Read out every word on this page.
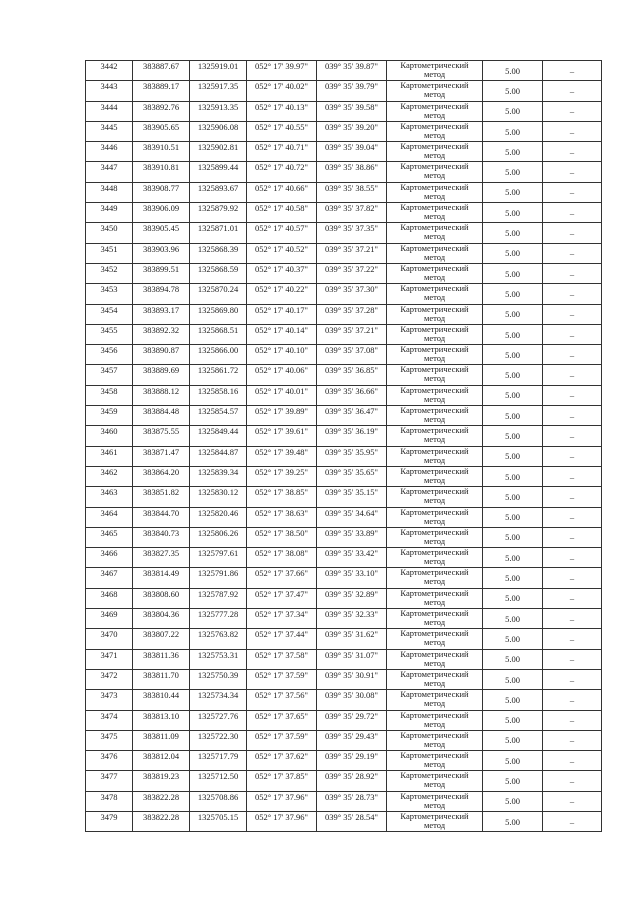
3442	383887.67	1325919.01	052° 17' 39.97"	039° 35' 39.87"	Картометрический
метод	5.00	–
3443	383889.17	1325917.35	052° 17' 40.02"	039° 35' 39.79"	Картометрический
метод	5.00	–
3444	383892.76	1325913.35	052° 17' 40.13"	039° 35' 39.58"	Картометрический
метод	5.00	–
3445	383905.65	1325906.08	052° 17' 40.55"	039° 35' 39.20"	Картометрический
метод	5.00	–
3446	383910.51	1325902.81	052° 17' 40.71"	039° 35' 39.04"	Картометрический
метод	5.00	–
3447	383910.81	1325899.44	052° 17' 40.72"	039° 35' 38.86"	Картометрический
метод	5.00	–
3448	383908.77	1325893.67	052° 17' 40.66"	039° 35' 38.55"	Картометрический
метод	5.00	–
3449	383906.09	1325879.92	052° 17' 40.58"	039° 35' 37.82"	Картометрический
метод	5.00	–
3450	383905.45	1325871.01	052° 17' 40.57"	039° 35' 37.35"	Картометрический
метод	5.00	–
3451	383903.96	1325868.39	052° 17' 40.52"	039° 35' 37.21"	Картометрический
метод	5.00	–
3452	383899.51	1325868.59	052° 17' 40.37"	039° 35' 37.22"	Картометрический
метод	5.00	–
3453	383894.78	1325870.24	052° 17' 40.22"	039° 35' 37.30"	Картометрический
метод	5.00	–
3454	383893.17	1325869.80	052° 17' 40.17"	039° 35' 37.28"	Картометрический
метод	5.00	–
3455	383892.32	1325868.51	052° 17' 40.14"	039° 35' 37.21"	Картометрический
метод	5.00	–
3456	383890.87	1325866.00	052° 17' 40.10"	039° 35' 37.08"	Картометрический
метод	5.00	–
3457	383889.69	1325861.72	052° 17' 40.06"	039° 35' 36.85"	Картометрический
метод	5.00	–
3458	383888.12	1325858.16	052° 17' 40.01"	039° 35' 36.66"	Картометрический
метод	5.00	–
3459	383884.48	1325854.57	052° 17' 39.89"	039° 35' 36.47"	Картометрический
метод	5.00	–
3460	383875.55	1325849.44	052° 17' 39.61"	039° 35' 36.19"	Картометрический
метод	5.00	–
3461	383871.47	1325844.87	052° 17' 39.48"	039° 35' 35.95"	Картометрический
метод	5.00	–
3462	383864.20	1325839.34	052° 17' 39.25"	039° 35' 35.65"	Картометрический
метод	5.00	–
3463	383851.82	1325830.12	052° 17' 38.85"	039° 35' 35.15"	Картометрический
метод	5.00	–
3464	383844.70	1325820.46	052° 17' 38.63"	039° 35' 34.64"	Картометрический
метод	5.00	–
3465	383840.73	1325806.26	052° 17' 38.50"	039° 35' 33.89"	Картометрический
метод	5.00	–
3466	383827.35	1325797.61	052° 17' 38.08"	039° 35' 33.42"	Картометрический
метод	5.00	–
3467	383814.49	1325791.86	052° 17' 37.66"	039° 35' 33.10"	Картометрический
метод	5.00	–
3468	383808.60	1325787.92	052° 17' 37.47"	039° 35' 32.89"	Картометрический
метод	5.00	–
3469	383804.36	1325777.28	052° 17' 37.34"	039° 35' 32.33"	Картометрический
метод	5.00	–
3470	383807.22	1325763.82	052° 17' 37.44"	039° 35' 31.62"	Картометрический
метод	5.00	–
3471	383811.36	1325753.31	052° 17' 37.58"	039° 35' 31.07"	Картометрический
метод	5.00	–
3472	383811.70	1325750.39	052° 17' 37.59"	039° 35' 30.91"	Картометрический
метод	5.00	–
3473	383810.44	1325734.34	052° 17' 37.56"	039° 35' 30.08"	Картометрический
метод	5.00	–
3474	383813.10	1325727.76	052° 17' 37.65"	039° 35' 29.72"	Картометрический
метод	5.00	–
3475	383811.09	1325722.30	052° 17' 37.59"	039° 35' 29.43"	Картометрический
метод	5.00	–
3476	383812.04	1325717.79	052° 17' 37.62"	039° 35' 29.19"	Картометрический
метод	5.00	–
3477	383819.23	1325712.50	052° 17' 37.85"	039° 35' 28.92"	Картометрический
метод	5.00	–
3478	383822.28	1325708.86	052° 17' 37.96"	039° 35' 28.73"	Картометрический
метод	5.00	–
3479	383822.28	1325705.15	052° 17' 37.96"	039° 35' 28.54"	Картометрический
метод	5.00	–
